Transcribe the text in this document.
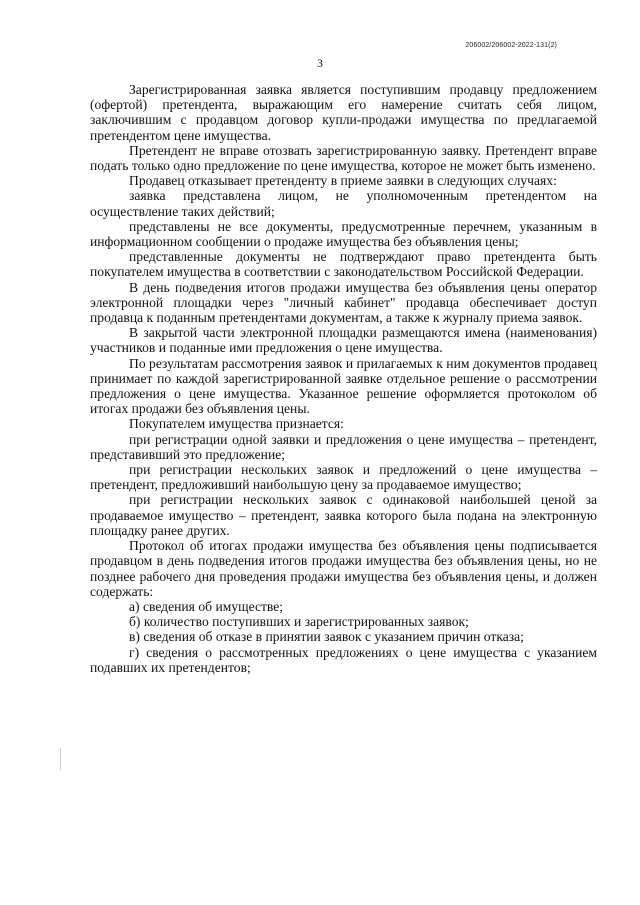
206002/206002-2022-131(2)
3

Зарегистрированная заявка является поступившим продавцу предложением (офертой) претендента, выражающим его намерение считать себя лицом, заключившим с продавцом договор купли-продажи имущества по предлагаемой претендентом цене имущества.

Претендент не вправе отозвать зарегистрированную заявку. Претендент вправе подать только одно предложение по цене имущества, которое не может быть изменено.

Продавец отказывает претенденту в приеме заявки в следующих случаях:

заявка представлена лицом, не уполномоченным претендентом на осуществление таких действий;

представлены не все документы, предусмотренные перечнем, указанным в информационном сообщении о продаже имущества без объявления цены;

представленные документы не подтверждают право претендента быть покупателем имущества в соответствии с законодательством Российской Федерации.

В день подведения итогов продажи имущества без объявления цены оператор электронной площадки через "личный кабинет" продавца обеспечивает доступ продавца к поданным претендентами документам, а также к журналу приема заявок.

В закрытой части электронной площадки размещаются имена (наименования) участников и поданные ими предложения о цене имущества.

По результатам рассмотрения заявок и прилагаемых к ним документов продавец принимает по каждой зарегистрированной заявке отдельное решение о рассмотрении предложения о цене имущества. Указанное решение оформляется протоколом об итогах продажи без объявления цены.

Покупателем имущества признается:

при регистрации одной заявки и предложения о цене имущества – претендент, представивший это предложение;

при регистрации нескольких заявок и предложений о цене имущества – претендент, предложивший наибольшую цену за продаваемое имущество;

при регистрации нескольких заявок с одинаковой наибольшей ценой за продаваемое имущество – претендент, заявка которого была подана на электронную площадку ранее других.

Протокол об итогах продажи имущества без объявления цены подписывается продавцом в день подведения итогов продажи имущества без объявления цены, но не позднее рабочего дня проведения продажи имущества без объявления цены, и должен содержать:

а) сведения об имуществе;

б) количество поступивших и зарегистрированных заявок;

в) сведения об отказе в принятии заявок с указанием причин отказа;

г) сведения о рассмотренных предложениях о цене имущества с указанием подавших их претендентов;
